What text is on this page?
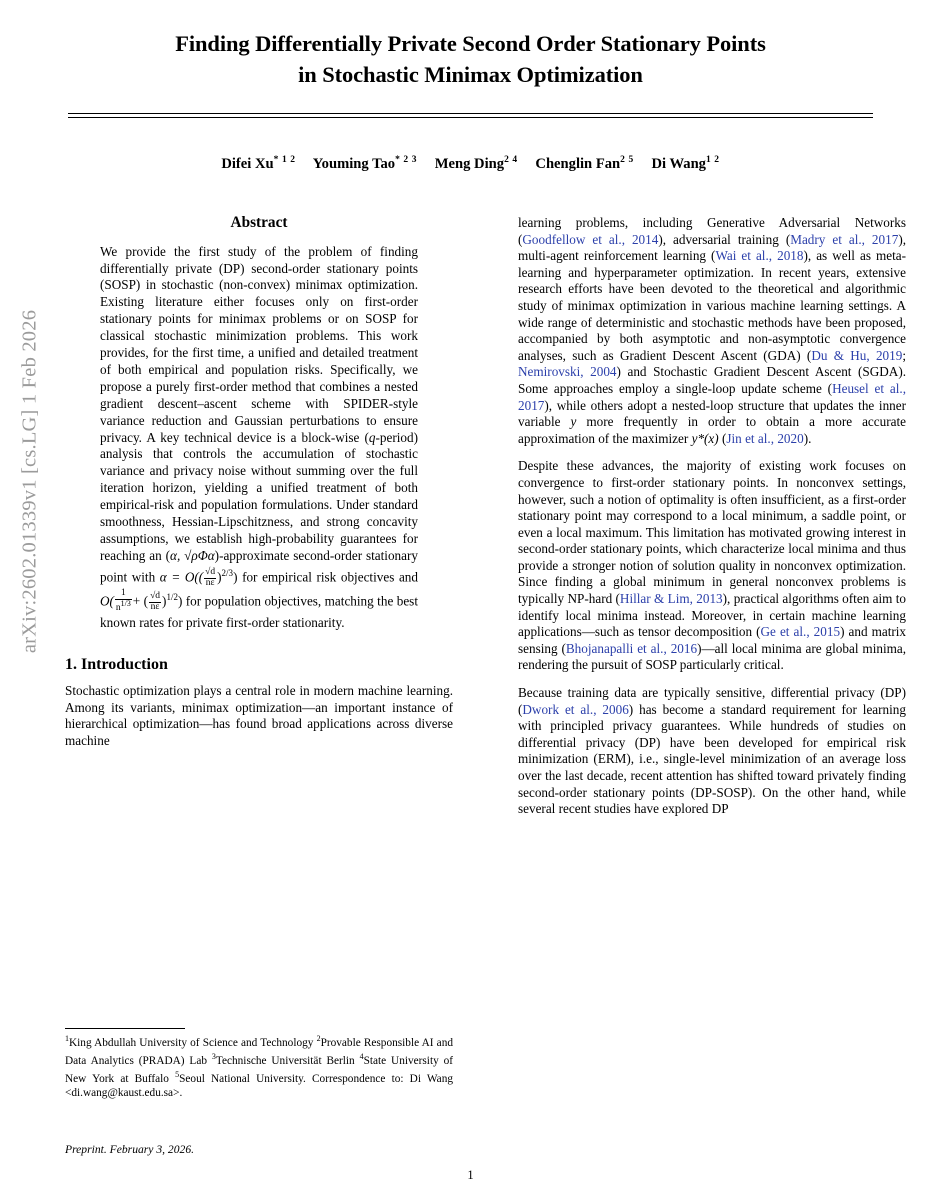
arXiv:2602.01339v1 [cs.LG] 1 Feb 2026
Finding Differentially Private Second Order Stationary Points
in Stochastic Minimax Optimization
Difei $Xu^{* 1 2}$ Youming Tao$^{* 2 3}$ Meng Ding$^{2 4}$ Chenglin Fan$^{2 5}$ Di Wang$^{1 2}$
Abstract
We provide the first study of the problem of finding differentially private (DP) second-order stationary points (SOSP) in stochastic (non-convex) minimax optimization. Existing literature either focuses only on first-order stationary points for minimax problems or on SOSP for classical stochastic minimization problems. This work provides, for the first time, a unified and detailed treatment of both empirical and population risks. Specifically, we propose a purely first-order method that combines a nested gradient descent–ascent scheme with SPIDER-style variance reduction and Gaussian perturbations to ensure privacy. A key technical device is a block-wise (q-period) analysis that controls the accumulation of stochastic variance and privacy noise without summing over the full iteration horizon, yielding a unified treatment of both empirical-risk and population formulations. Under standard smoothness, Hessian-Lipschitzness, and strong concavity assumptions, we establish high-probability guarantees for reaching an (α, √ρΦα)-approximate second-order stationary point with $\alpha = O(( \frac{√d}{n\varepsilon} )^{2/3})$ for empirical risk objectives and $O( \frac{1}{n^{1/3}}$ + ( $\frac{√d}{n\varepsilon} )^{1/2}$) for population objectives, matching the best known rates for private first-order stationarity.
1. Introduction

Stochastic optimization plays a central role in modern machine learning. Among its variants, minimax optimization—an important instance of hierarchical optimization—has found broad applications across diverse machine

learning problems, including Generative Adversarial Networks (Goodfellow et al., 2014), adversarial training (Madry et al., 2017), multi-agent reinforcement learning (Wai et al., 2018), as well as meta-learning and hyperparameter optimization. In recent years, extensive research efforts have been devoted to the theoretical and algorithmic study of minimax optimization in various machine learning settings. A wide range of deterministic and stochastic methods have been proposed, accompanied by both asymptotic and non-asymptotic convergence analyses, such as Gradient Descent Ascent (GDA) (Du & Hu, 2019; Nemirovski, 2004) and Stochastic Gradient Descent Ascent (SGDA). Some approaches employ a single-loop update scheme (Heusel et al., 2017), while others adopt a nested-loop structure that updates the inner variable y more frequently in order to obtain a more accurate approximation of the maximizer y*(x) (Jin et al., 2020).

Despite these advances, the majority of existing work focuses on convergence to first-order stationary points. In nonconvex settings, however, such a notion of optimality is often insufficient, as a first-order stationary point may correspond to a local minimum, a saddle point, or even a local maximum. This limitation has motivated growing interest in second-order stationary points, which characterize local minima and thus provide a stronger notion of solution quality in nonconvex optimization. Since finding a global minimum in general nonconvex problems is typically NP-hard (Hillar & Lim, 2013), practical algorithms often aim to identify local minima instead. Moreover, in certain machine learning applications—such as tensor decomposition (Ge et al., 2015) and matrix sensing (Bhojanapalli et al., 2016)—all local minima are global minima, rendering the pursuit of SOSP particularly critical.

Because training data are typically sensitive, differential privacy (DP) (Dwork et al., 2006) has become a standard requirement for learning with principled privacy guarantees. While hundreds of studies on differential privacy (DP) have been developed for empirical risk minimization (ERM), i.e., single-level minimization of an average loss over the last decade, recent attention has shifted toward privately finding second-order stationary points (DP-SOSP). On the other hand, while several recent studies have explored DP

$^1$King Abdullah University of Science and Technology $^2$Provable Responsible AI and Data Analytics (PRADA) Lab $^3$Technische Universität Berlin $^4$State University of New York at Buffalo $^5$Seoul National University. Correspondence to: Di Wang <di.wang@kaust.edu.sa>.
Preprint. February 3, 2026.
1
